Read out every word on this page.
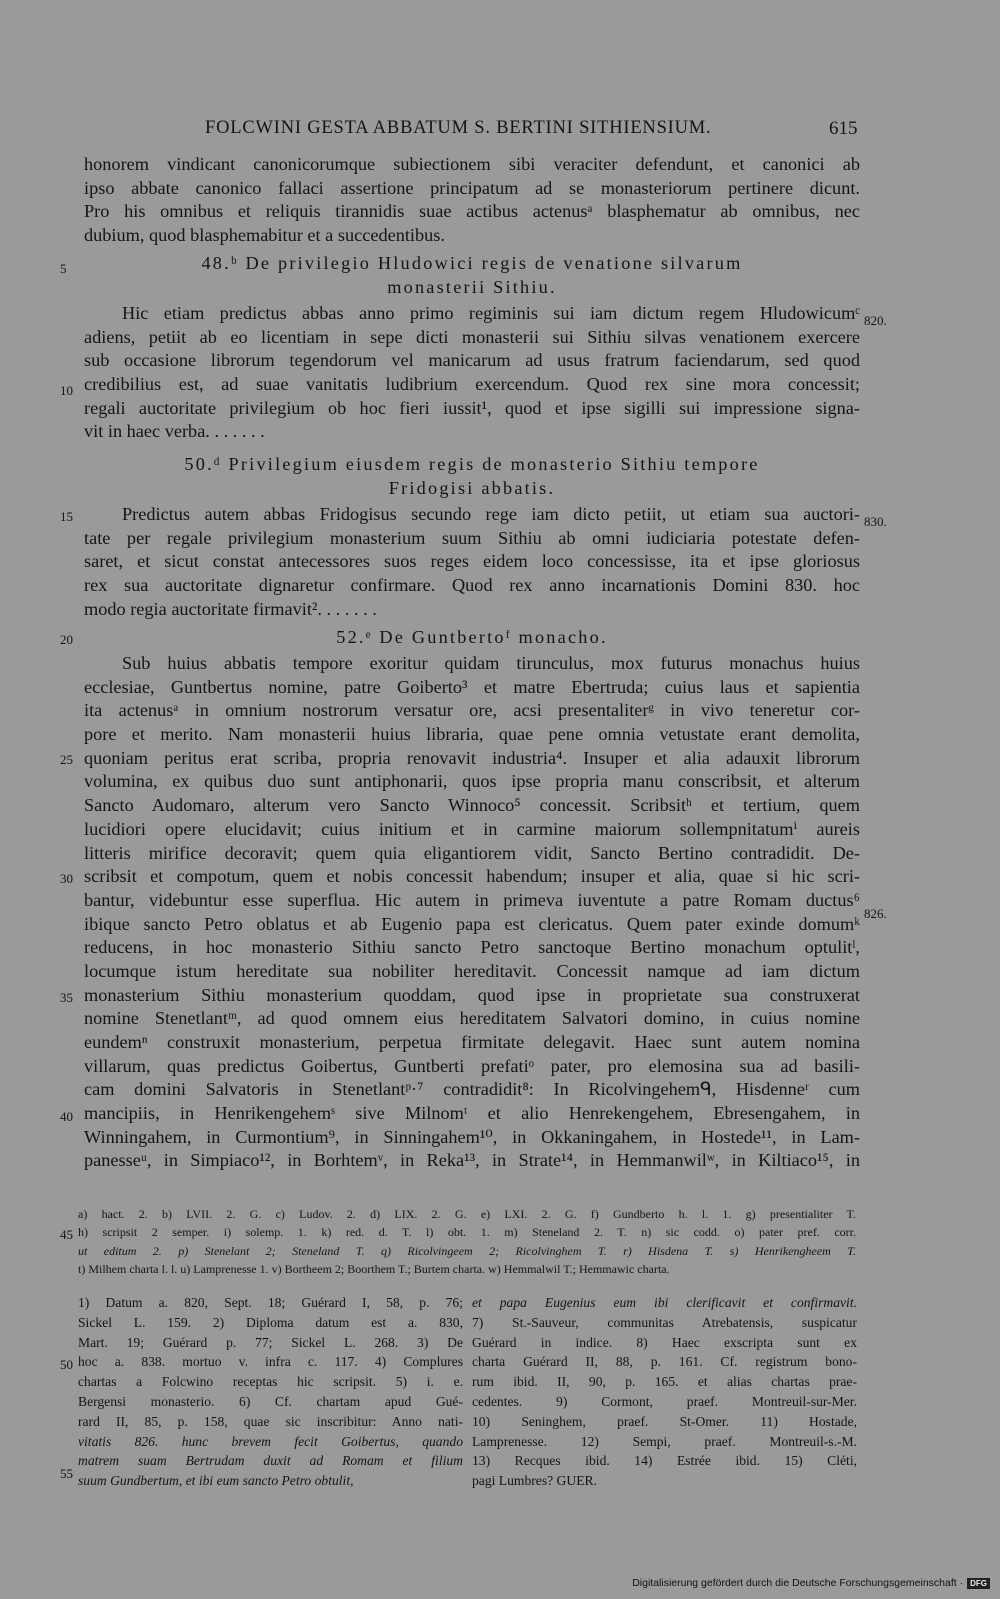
FOLCWINI GESTA ABBATUM S. BERTINI SITHIENSIUM.	615
honorem vindicant canonicorumque subiectionem sibi veraciter defendunt, et canonici ab
ipso abbate canonico fallaci assertione principatum ad se monasteriorum pertinere dicunt.
Pro his omnibus et reliquis tirannidis suae actibus actenusᵃ blasphematur ab omnibus, nec
dubium, quod blasphemabitur et a succedentibus.
48.ᵇ De privilegio Hludowici regis de venatione silvarum
monasterii Sithiu.
Hic etiam predictus abbas anno primo regiminis sui iam dictum regem Hludowicumᶜ
adiens, petiit ab eo licentiam in sepe dicti monasterii sui Sithiu silvas venationem exercere
sub occasione librorum tegendorum vel manicarum ad usus fratrum faciendarum, sed quod
credibilius est, ad suae vanitatis ludibrium exercendum. Quod rex sine mora concessit;
regali auctoritate privilegium ob hoc fieri iussit¹, quod et ipse sigilli sui impressione signa-
vit in haec verba. . . . . . .
50.ᵈ Privilegium eiusdem regis de monasterio Sithiu tempore
Fridogisi abbatis.
Predictus autem abbas Fridogisus secundo rege iam dicto petiit, ut etiam sua auctori-
tate per regale privilegium monasterium suum Sithiu ab omni iudiciaria potestate defen-
saret, et sicut constat antecessores suos reges eidem loco concessisse, ita et ipse gloriosus
rex sua auctoritate dignaretur confirmare. Quod rex anno incarnationis Domini 830. hoc
modo regia auctoritate firmavit². . . . . . .
52.ᵉ De Guntbertoᶠ monacho.
Sub huius abbatis tempore exoritur quidam tirunculus, mox futurus monachus huius
ecclesiae, Guntbertus nomine, patre Goiberto³ et matre Ebertruda; cuius laus et sapientia
ita actenusᵃ in omnium nostrorum versatur ore, acsi presentaliterᵍ in vivo teneretur cor-
pore et merito. Nam monasterii huius libraria, quae pene omnia vetustate erant demolita,
quoniam peritus erat scriba, propria renovavit industria⁴. Insuper et alia adauxit librorum
volumina, ex quibus duo sunt antiphonarii, quos ipse propria manu conscribsit, et alterum
Sancto Audomaro, alterum vero Sancto Winnoco⁵ concessit. Scribsitʰ et tertium, quem
lucidiori opere elucidavit; cuius initium et in carmine maiorum sollempnitatumⁱ aureis
litteris mirifice decoravit; quem quia eligantiorem vidit, Sancto Bertino contradidit. De-
scribsit et compotum, quem et nobis concessit habendum; insuper et alia, quae si hic scri-
bantur, videbuntur esse superflua. Hic autem in primeva iuventute a patre Romam ductus⁶
ibique sancto Petro oblatus et ab Eugenio papa est clericatus. Quem pater exinde domumᵏ
reducens, in hoc monasterio Sithiu sancto Petro sanctoque Bertino monachum optulitˡ,
locumque istum hereditate sua nobiliter hereditavit. Concessit namque ad iam dictum
monasterium Sithiu monasterium quoddam, quod ipse in proprietate sua construxerat
nomine Stenetlantᵐ, ad quod omnem eius hereditatem Salvatori domino, in cuius nomine
eundemⁿ construxit monasterium, perpetua firmitate delegavit. Haec sunt autem nomina
villarum, quas predictus Goibertus, Guntberti prefatiᵒ pater, pro elemosina sua ad basili-
cam domini Salvatoris in Stenetlantᵖ·⁷ contradidit⁸: In Ricolvingehemᑫ, Hisdenneʳ cum
mancipiis, in Henrikengehemˢ sive Milnomᵗ et alio Henrekengehem, Ebresengahem, in
Winningahem, in Curmontium⁹, in Sinningahem¹⁰, in Okkaningahem, in Hostede¹¹, in Lam-
panesseᵘ, in Simpiaco¹², in Borhtemᵛ, in Reka¹³, in Strate¹⁴, in Hemmanwilʷ, in Kiltiaco¹⁵, in
5
10
15
20
25
30
35
40
45
50
55
820.
830.
826.
a) hact. 2. b) LVII. 2. G. c) Ludov. 2. d) LIX. 2. G. e) LXI. 2. G. f) Gundberto h. l. 1. g) presentialiter T.
h) scripsit 2 semper. i) solemp. 1. k) red. d. T. l) obt. 1. m) Steneland 2. T. n) sic codd. o) pater pref. corr.
ut editum 2. p) Stenelant 2; Steneland T. q) Ricolvingeem 2; Ricolvinghem T. r) Hisdena T. s) Henrikengheem T.
t) Milhem charta l. l. u) Lamprenesse 1. v) Bortheem 2; Boorthem T.; Burtem charta. w) Hemmalwil T.; Hemmawic charta.
1) Datum a. 820, Sept. 18; Guérard I, 58, p. 76;
Sickel L. 159. 2) Diploma datum est a. 830,
Mart. 19; Guérard p. 77; Sickel L. 268. 3) De
hoc a. 838. mortuo v. infra c. 117. 4) Complures
chartas a Folcwino receptas hic scripsit. 5) i. e.
Bergensi monasterio. 6) Cf. chartam apud Gué-
rard II, 85, p. 158, quae sic inscribitur: Anno nati-
vitatis 826. hunc brevem fecit Goibertus, quando
matrem suam Bertrudam duxit ad Romam et filium
suum Gundbertum, et ibi eum sancto Petro obtulit,
et papa Eugenius eum ibi clerificavit et confirmavit.
7) St.-Sauveur, communitas Atrebatensis, suspicatur
Guérard in indice. 8) Haec exscripta sunt ex
charta Guérard II, 88, p. 161. Cf. registrum bono-
rum ibid. II, 90, p. 165. et alias chartas prae-
cedentes. 9) Cormont, praef. Montreuil-sur-Mer.
10) Seninghem, praef. St-Omer. 11) Hostade,
Lamprenesse. 12) Sempi, praef. Montreuil-s.-M.
13) Recques ibid. 14) Estrée ibid. 15) Cléti,
pagi Lumbres? GUER.
Digitalisierung gefördert durch die Deutsche Forschungsgemeinschaft · DFG
